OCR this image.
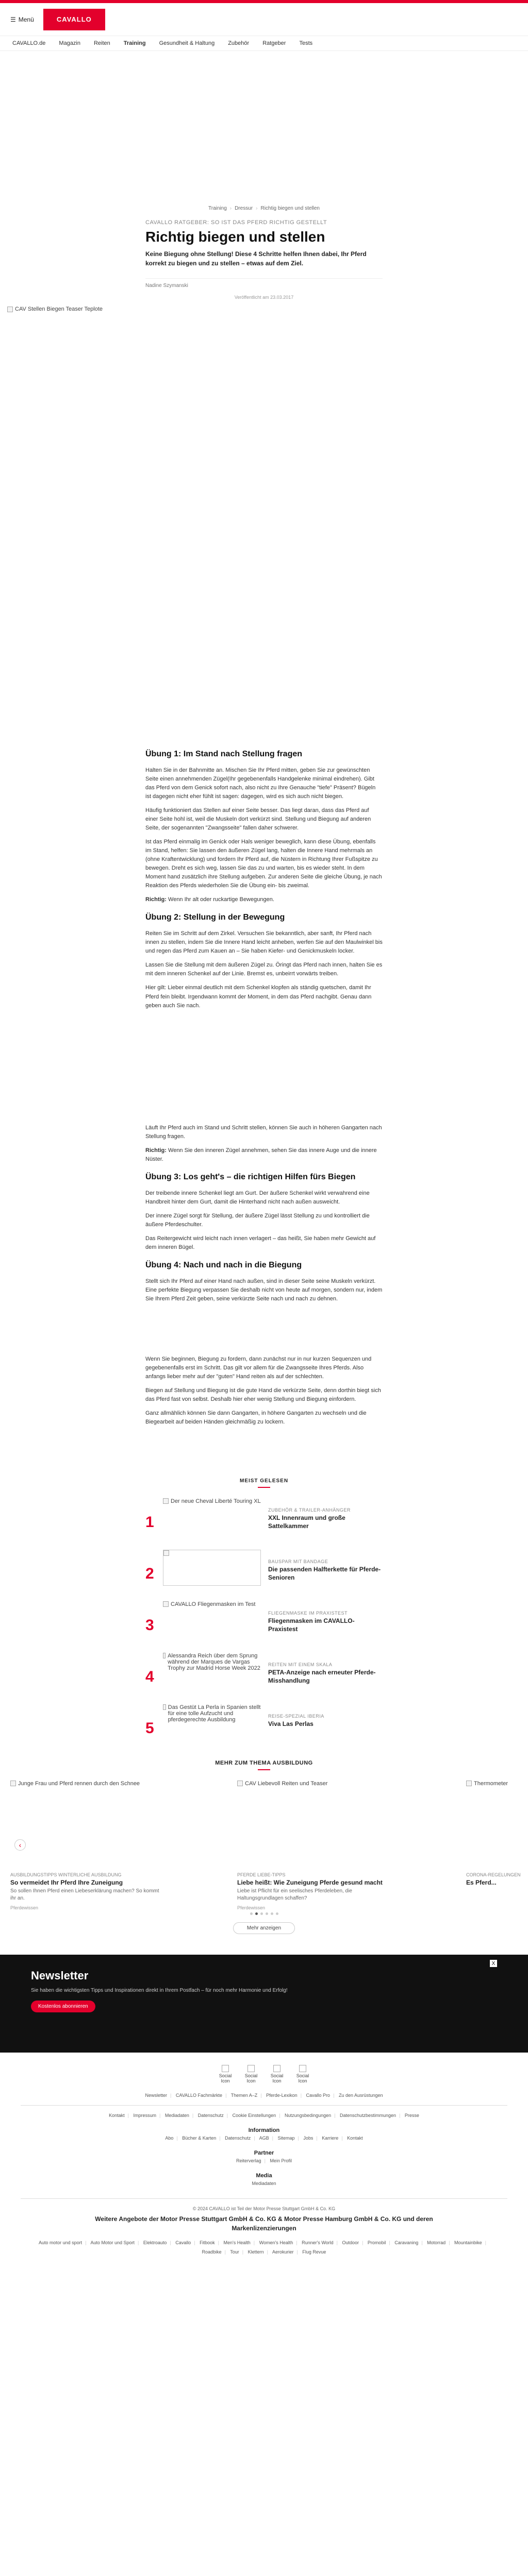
☰ Menü	CAVALLO
CAVALLO.de Magazin Reiten Training Gesundheit & Haltung Zubehör Ratgeber Tests
Training › Dressur › Richtig biegen und stellen
CAVALLO RATGEBER: SO IST DAS PFERD RICHTIG GESTELLT
Richtig biegen und stellen

Keine Biegung ohne Stellung! Diese 4 Schritte helfen Ihnen dabei, Ihr Pferd korrekt zu biegen und zu stellen – etwas auf dem Ziel.

Nadine Szymanski
Veröffentlicht am 23.03.2017
CAV Stellen Biegen Teaser Teplote
Übung 1: Im Stand nach Stellung fragen

Halten Sie in der Bahnmitte an. Mischen Sie Ihr Pferd mitten, geben Sie zur gewünschten Seite einen annehmenden Zügel(Ihr gegebenenfalls Handgelenke minimal eindrehen). Gibt das Pferd von dem Genick sofort nach, also nicht zu Ihre Genauche "tiefe" Präsent? Bügeln ist dagegen nicht eher fühlt ist sagen: dagegen, wird es sich auch nicht biegen.

Häufig funktioniert das Stellen auf einer Seite besser. Das liegt daran, dass das Pferd auf einer Seite hohl ist, weil die Muskeln dort verkürzt sind. Stellung und Biegung auf anderen Seite, der sogenannten "Zwangsseite" fallen daher schwerer.

Ist das Pferd einmalig im Genick oder Hals weniger beweglich, kann diese Übung, ebenfalls im Stand, helfen: Sie lassen den äußeren Zügel lang, halten die Innere Hand mehrmals an (ohne Kraftentwicklung) und fordern Ihr Pferd auf, die Nüstern in Richtung Ihrer Fußspitze zu bewegen. Dreht es sich weg, lassen Sie das zu und warten, bis es wieder steht. In dem Moment hand zusätzlich ihre Stellung aufgeben. Zur anderen Seite die gleiche Übung, je nach Reaktion des Pferds wiederholen Sie die Übung ein- bis zweimal.

Richtig: Wenn Ihr alt oder ruckartige Bewegungen.

Übung 2: Stellung in der Bewegung

Reiten Sie im Schritt auf dem Zirkel. Versuchen Sie bekanntlich, aber sanft, Ihr Pferd nach innen zu stellen, indem Sie die Innere Hand leicht anheben, werfen Sie auf den Maulwinkel bis und regen das Pferd zum Kauen an – Sie haben Kiefer- und Genickmuskeln locker.

Lassen Sie die Stellung mit dem äußeren Zügel zu. Öringt das Pferd nach innen, halten Sie es mit dem inneren Schenkel auf der Linie. Bremst es, unbeirrt vorwärts treiben.

Hier gilt: Lieber einmal deutlich mit dem Schenkel klopfen als ständig quetschen, damit Ihr Pferd fein bleibt. Irgendwann kommt der Moment, in dem das Pferd nachgibt. Genau dann geben auch Sie nach.

Läuft Ihr Pferd auch im Stand und Schritt stellen, können Sie auch in höheren Gangarten nach Stellung fragen.

Richtig: Wenn Sie den inneren Zügel annehmen, sehen Sie das innere Auge und die innere Nüster.

Übung 3: Los geht's – die richtigen Hilfen fürs Biegen

Der treibende innere Schenkel liegt am Gurt. Der äußere Schenkel wirkt verwahrend eine Handbreit hinter dem Gurt, damit die Hinterhand nicht nach außen ausweicht.

Der innere Zügel sorgt für Stellung, der äußere Zügel lässt Stellung zu und kontrolliert die äußere Pferdeschulter.

Das Reitergewicht wird leicht nach innen verlagert – das heißt, Sie haben mehr Gewicht auf dem inneren Bügel.

Übung 4: Nach und nach in die Biegung

Stellt sich Ihr Pferd auf einer Hand nach außen, sind in dieser Seite seine Muskeln verkürzt. Eine perfekte Biegung verpassen Sie deshalb nicht von heute auf morgen, sondern nur, indem Sie Ihrem Pferd Zeit geben, seine verkürzte Seite nach und nach zu dehnen.

Wenn Sie beginnen, Biegung zu fordern, dann zunächst nur in nur kurzen Sequenzen und gegebenenfalls erst im Schritt. Das gilt vor allem für die Zwangsseite Ihres Pferds. Also anfangs lieber mehr auf der "guten" Hand reiten als auf der schlechten.

Biegen auf Stellung und Biegung ist die gute Hand die verkürzte Seite, denn dorthin biegt sich das Pferd fast von selbst. Deshalb hier eher wenig Stellung und Biegung einfordern.

Ganz allmählich können Sie dann Gangarten, in höhere Gangarten zu wechseln und die Biegearbeit auf beiden Händen gleichmäßig zu lockern.

MEIST GELESEN
1
Der neue Cheval Liberté Touring XL
ZUBEHÖR & TRAILER-ANHÄNGER
XXL Innenraum und große Sattelkammer
2
BAUSPAR MIT BANDAGE
Die passenden Halfterkette für Pferde-Senioren
3
CAVALLO Fliegenmasken im Test
FLIEGENMASKE IM PRAXISTEST
Fliegenmasken im CAVALLO-Praxistest
4
Alessandra Reich über dem Sprung während der Marques de Vargas Trophy zur Madrid Horse Week 2022
REITEN MIT EINEM SKALA
PETA-Anzeige nach erneuter Pferde-Misshandlung
5
Das Gestüt La Perla in Spanien stellt für eine tolle Aufzucht und pferdegerechte Ausbildung
REISE-SPEZIAL IBERIA
Viva Las Perlas
MEHR ZUM THEMA AUSBILDUNG
Junge Frau und Pferd rennen durch den Schnee
AUSBILDUNGSTIPPS WINTERLICHE AUSBILDUNG
So vermeidet Ihr Pferd Ihre Zuneigung
So sollen Ihnen Pferd einen Liebeserklärung machen? So kommt ihr an.
Pferdewissen
CAV Liebevoll Reiten und Teaser
PFERDE LIEBE-TIPPS
Liebe heißt: Wie Zuneigung Pferde gesund macht
Liebe ist Pflicht für ein seelisches Pferdeleben, die Haltungsgrundlagen schaffen?
Pferdewissen
Thermometer
CORONA-REGELUNGEN
Es Pferd...
‹
Mehr anzeigen
Newsletter

Sie haben die wichtigsten Tipps und Inspirationen direkt in Ihrem Postfach – für noch mehr Harmonie und Erfolg!

Kostenlos abonnieren
X
Social Icon
Social Icon
Social Icon
Social Icon
Newsletter | CAVALLO Fachmärkte | Themen A–Z | Pferde-Lexikon | Cavallo Pro | Zu den Ausrüstungen
Kontakt | Impressum | Mediadaten | Datenschutz | Cookie Einstellungen | Nutzungsbedingungen | Datenschutzbestimmungen | Presse
Information
Abo | Bücher & Karten | Datenschutz | AGB | Sitemap | Jobs | Karriere | Kontakt
Partner
Reiterverlag | Mein Profil
Media
Mediadaten
© 2024 CAVALLO ist Teil der Motor Presse Stuttgart GmbH & Co. KG
Weitere Angebote der Motor Presse Stuttgart GmbH & Co. KG & Motor Presse Hamburg GmbH & Co. KG und deren Markenlizenzierungen
Auto motor und sport | Auto Motor und Sport | Elektroauto | Cavallo | Fitbook | Men's Health | Women's Health | Runner's World | Outdoor | Promobil | Caravaning | Motorrad | Mountainbike | Roadbike | Tour | Klettern | Aerokurier | Flug Revue
